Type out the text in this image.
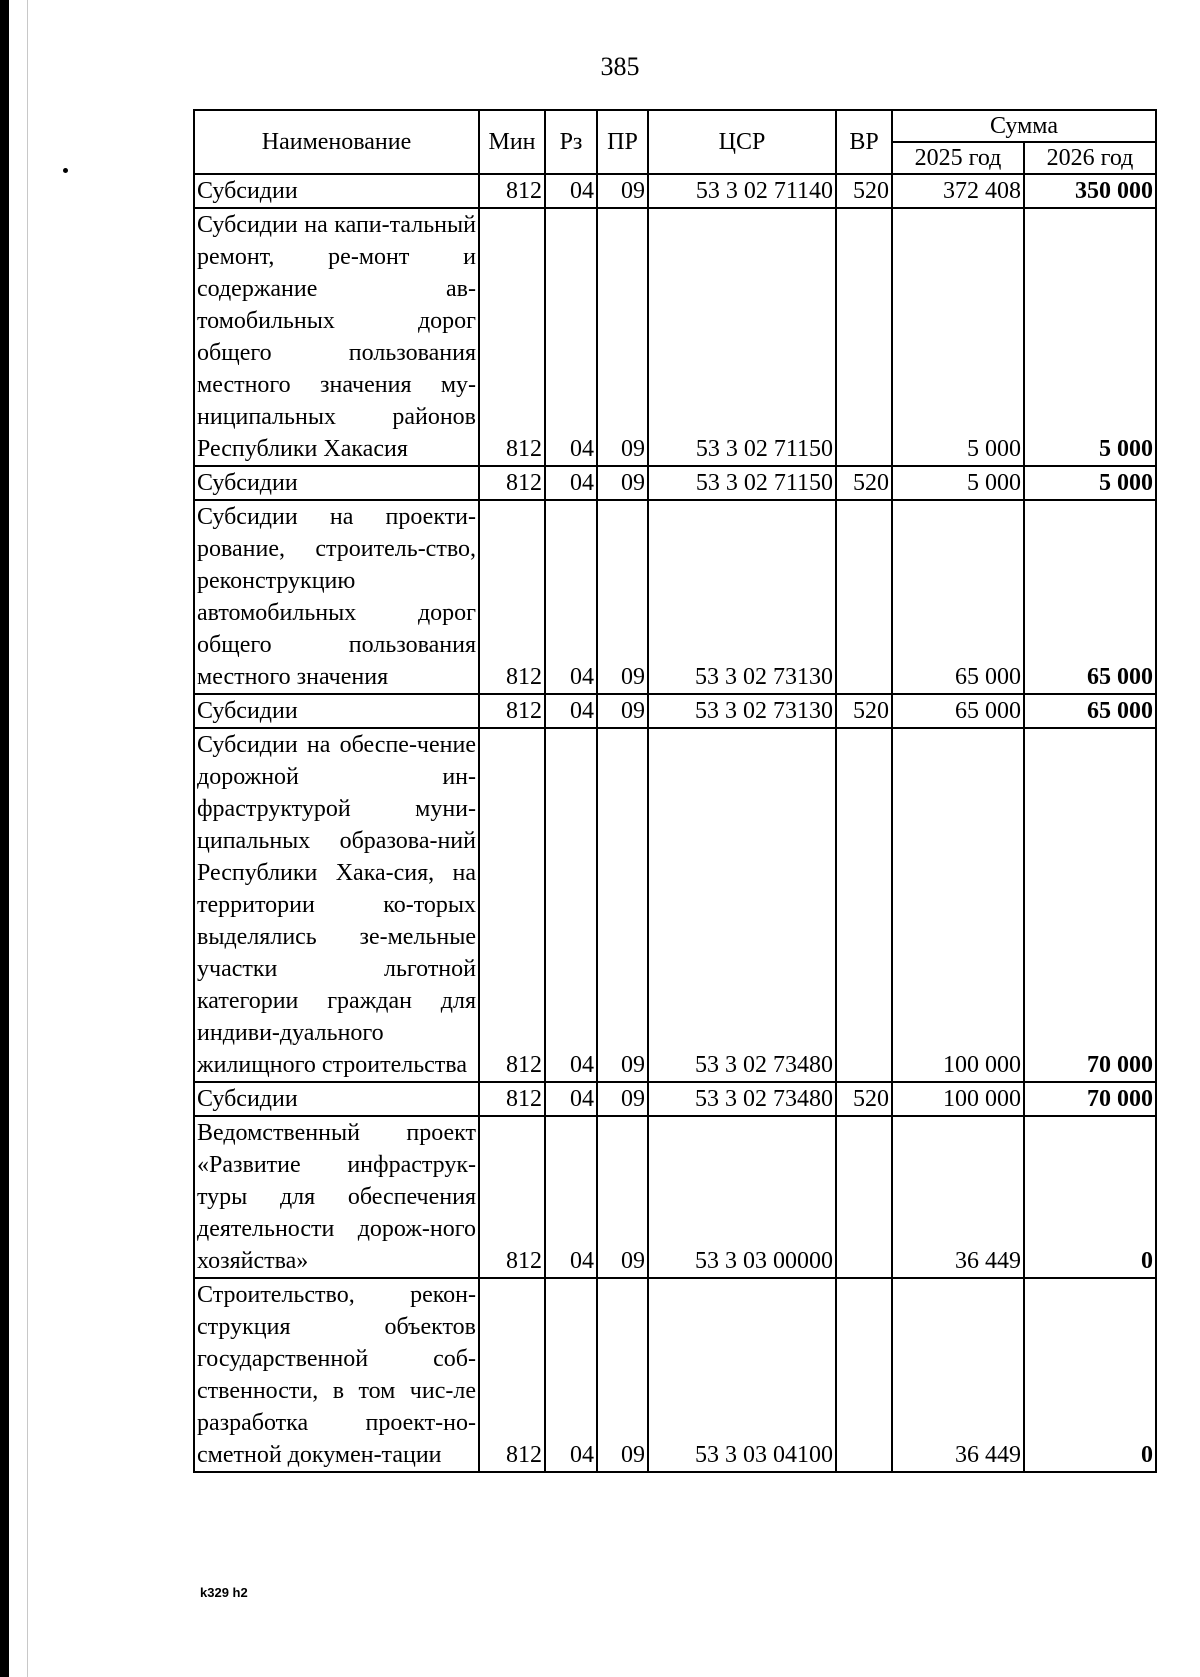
385
Наименование	Мин	Рз	ПР	ЦСР	ВР	Сумма	
						2025 год	2026 год
Субсидии	812	04	09	53 3 02 71140	520	372 408	350 000
Субсидии на капи-тальный ремонт, ре-монт и содержание ав-томобильных дорог общего пользования местного значения му-ниципальных районов Республики Хакасия	812	04	09	53 3 02 71150		5 000	5 000
Субсидии	812	04	09	53 3 02 71150	520	5 000	5 000
Субсидии на проекти-рование, строитель-ство, реконструкцию автомобильных дорог общего пользования местного значения	812	04	09	53 3 02 73130		65 000	65 000
Субсидии	812	04	09	53 3 02 73130	520	65 000	65 000
Субсидии на обеспе-чение дорожной ин-фраструктурой муни-ципальных образова-ний Республики Хака-сия, на территории ко-торых выделялись зе-мельные участки льготной категории граждан для индиви-дуального жилищного строительства	812	04	09	53 3 02 73480		100 000	70 000
Субсидии	812	04	09	53 3 02 73480	520	100 000	70 000
Ведомственный проект «Развитие инфраструк-туры для обеспечения деятельности дорож-ного хозяйства»	812	04	09	53 3 03 00000		36 449	0
Строительство, рекон-струкция объектов государственной соб-ственности, в том чис-ле разработка проект-но-сметной докумен-тации	812	04	09	53 3 03 04100		36 449	0
k329 h2
